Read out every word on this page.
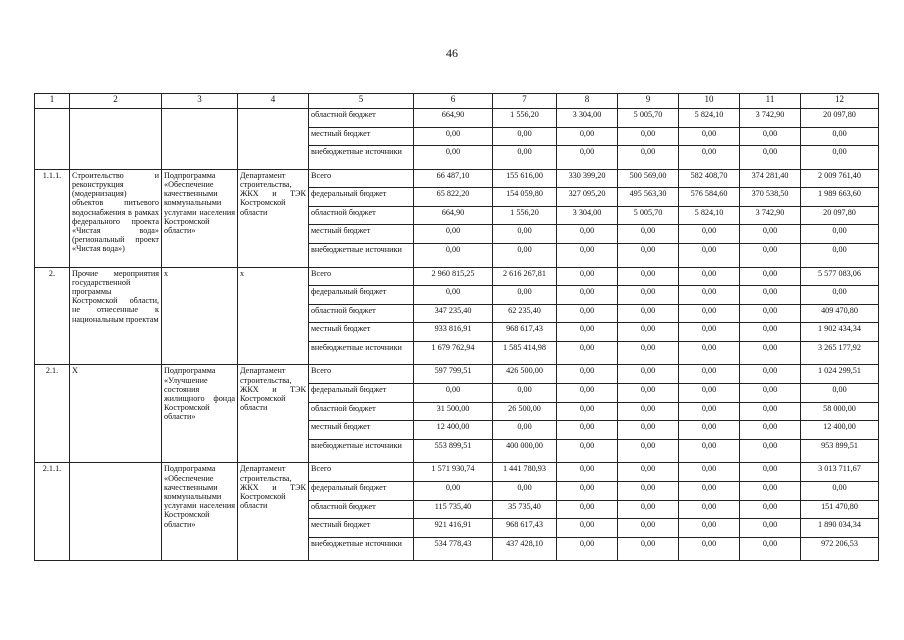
46
1	2	3	4	5	6	7	8	9	10	11	12
				областной бюджет	664,90	1 556,20	3 304,00	5 005,70	5 824,10	3 742,90	20 097,80
				местный бюджет	0,00	0,00	0,00	0,00	0,00	0,00	0,00
				внебюджетные источники	0,00	0,00	0,00	0,00	0,00	0,00	0,00
1.1.1.	Строительство и реконструкция (модернизация) объектов питьевого водоснабжения в рамках федерального проекта «Чистая вода» (региональный проект «Чистая вода»)	Подпрограмма «Обеспечение качественными коммунальными услугами населения Костромской области»	Департамент строительства, ЖКХ и ТЭК Костромской области	Всего	66 487,10	155 616,00	330 399,20	500 569,00	582 408,70	374 281,40	2 009 761,40
				федеральный бюджет	65 822,20	154 059,80	327 095,20	495 563,30	576 584,60	370 538,50	1 989 663,60
				областной бюджет	664,90	1 556,20	3 304,00	5 005,70	5 824,10	3 742,90	20 097,80
				местный бюджет	0,00	0,00	0,00	0,00	0,00	0,00	0,00
				внебюджетные источники	0,00	0,00	0,00	0,00	0,00	0,00	0,00
2.	Прочие мероприятия государственной программы Костромской области, не отнесенные к национальным проектам	х	х	Всего	2 960 815,25	2 616 267,81	0,00	0,00	0,00	0,00	5 577 083,06
				федеральный бюджет	0,00	0,00	0,00	0,00	0,00	0,00	0,00
				областной бюджет	347 235,40	62 235,40	0,00	0,00	0,00	0,00	409 470,80
				местный бюджет	933 816,91	968 617,43	0,00	0,00	0,00	0,00	1 902 434,34
				внебюджетные источники	1 679 762,94	1 585 414,98	0,00	0,00	0,00	0,00	3 265 177,92
2.1.	Х	Подпрограмма «Улучшение состояния жилищного фонда Костромской области»	Департамент строительства, ЖКХ и ТЭК Костромской области	Всего	597 799,51	426 500,00	0,00	0,00	0,00	0,00	1 024 299,51
				федеральный бюджет	0,00	0,00	0,00	0,00	0,00	0,00	0,00
				областной бюджет	31 500,00	26 500,00	0,00	0,00	0,00	0,00	58 000,00
				местный бюджет	12 400,00	0,00	0,00	0,00	0,00	0,00	12 400,00
				внебюджетные источники	553 899,51	400 000,00	0,00	0,00	0,00	0,00	953 899,51
2.1.1.		Подпрограмма «Обеспечение качественными коммунальными услугами населения Костромской области»	Департамент строительства, ЖКХ и ТЭК Костромской области	Всего	1 571 930,74	1 441 780,93	0,00	0,00	0,00	0,00	3 013 711,67
				федеральный бюджет	0,00	0,00	0,00	0,00	0,00	0,00	0,00
				областной бюджет	115 735,40	35 735,40	0,00	0,00	0,00	0,00	151 470,80
				местный бюджет	921 416,91	968 617,43	0,00	0,00	0,00	0,00	1 890 034,34
				внебюджетные источники	534 778,43	437 428,10	0,00	0,00	0,00	0,00	972 206,53
